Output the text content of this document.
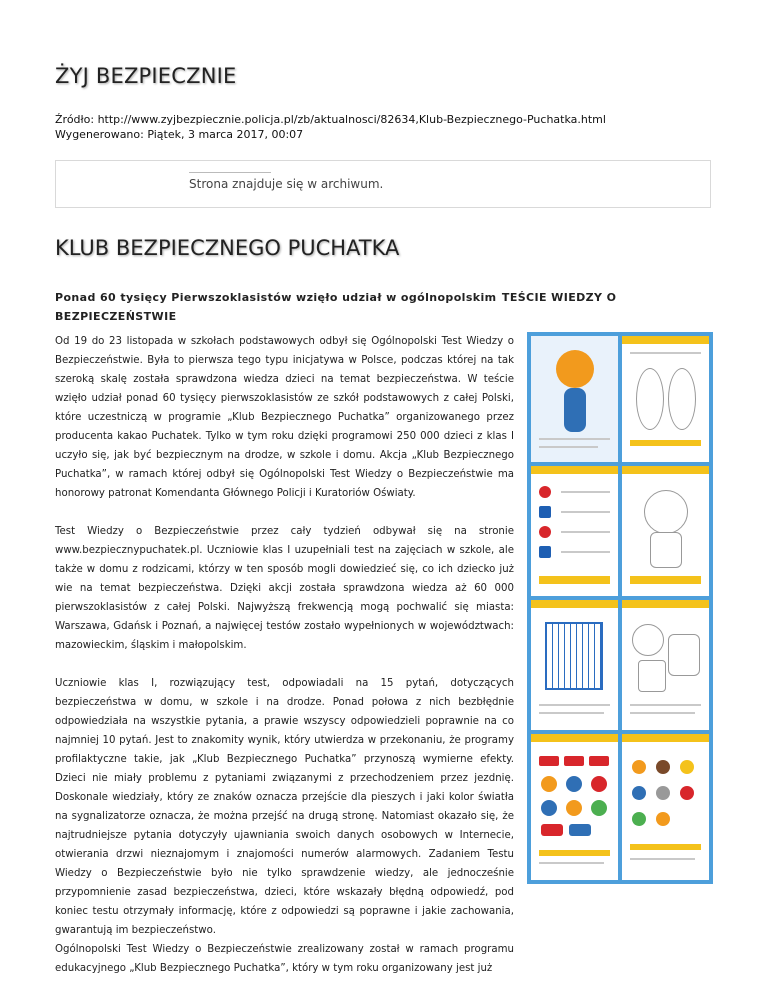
ŻYJ BEZPIECZNIE
Źródło: http://www.zyjbezpiecznie.policja.pl/zb/aktualnosci/82634,Klub-Bezpiecznego-Puchatka.html
Wygenerowano: Piątek, 3 marca 2017, 00:07
Strona znajduje się w archiwum.
KLUB BEZPIECZNEGO PUCHATKA
Ponad 60 tysięcy Pierwszoklasistów wzięło udział w ogólnopolskim TEŚCIE WIEDZY O BEZPIECZEŃSTWIE

Od 19 do 23 listopada w szkołach podstawowych odbył się Ogólnopolski Test Wiedzy o Bezpieczeństwie. Była to pierwsza tego typu inicjatywa w Polsce, podczas której na tak szeroką skalę została sprawdzona wiedza dzieci na temat bezpieczeństwa. W teście wzięło udział ponad 60 tysięcy pierwszoklasistów ze szkół podstawowych z całej Polski, które uczestniczą w programie „Klub Bezpiecznego Puchatka” organizowanego przez producenta kakao Puchatek. Tylko w tym roku dzięki programowi 250 000 dzieci z klas I uczyło się, jak być bezpiecznym na drodze, w szkole i domu. Akcja „Klub Bezpiecznego Puchatka”, w ramach której odbył się Ogólnopolski Test Wiedzy o Bezpieczeństwie ma honorowy patronat Komendanta Głównego Policji i Kuratoriów Oświaty.

Test Wiedzy o Bezpieczeństwie przez cały tydzień odbywał się na stronie www.bezpiecznypuchatek.pl. Uczniowie klas I uzupełniali test na zajęciach w szkole, ale także w domu z rodzicami, którzy w ten sposób mogli dowiedzieć się, co ich dziecko już wie na temat bezpieczeństwa. Dzięki akcji została sprawdzona wiedza aż 60 000 pierwszoklasistów z całej Polski. Najwyższą frekwencją mogą pochwalić się miasta: Warszawa, Gdańsk i Poznań, a najwięcej testów zostało wypełnionych w województwach: mazowieckim, śląskim i małopolskim.

Uczniowie klas I, rozwiązujący test, odpowiadali na 15 pytań, dotyczących bezpieczeństwa w domu, w szkole i na drodze. Ponad połowa z nich bezbłędnie odpowiedziała na wszystkie pytania, a prawie wszyscy odpowiedzieli poprawnie na co najmniej 10 pytań. Jest to znakomity wynik, który utwierdza w przekonaniu, że programy profilaktyczne takie, jak „Klub Bezpiecznego Puchatka” przynoszą wymierne efekty. Dzieci nie miały problemu z pytaniami związanymi z przechodzeniem przez jezdnię. Doskonale wiedziały, który ze znaków oznacza przejście dla pieszych i jaki kolor światła na sygnalizatorze oznacza, że można przejść na drugą stronę. Natomiast okazało się, że najtrudniejsze pytania dotyczyły ujawniania swoich danych osobowych w Internecie, otwierania drzwi nieznajomym i znajomości numerów alarmowych. Zadaniem Testu Wiedzy o Bezpieczeństwie było nie tylko sprawdzenie wiedzy, ale jednocześnie przypomnienie zasad bezpieczeństwa, dzieci, które wskazały błędną odpowiedź, pod koniec testu otrzymały informację, które z odpowiedzi są poprawne i jakie zachowania, gwarantują im bezpieczeństwo.

Ogólnopolski Test Wiedzy o Bezpieczeństwie zrealizowany został w ramach programu edukacyjnego „Klub Bezpiecznego Puchatka”, który w tym roku organizowany jest już
